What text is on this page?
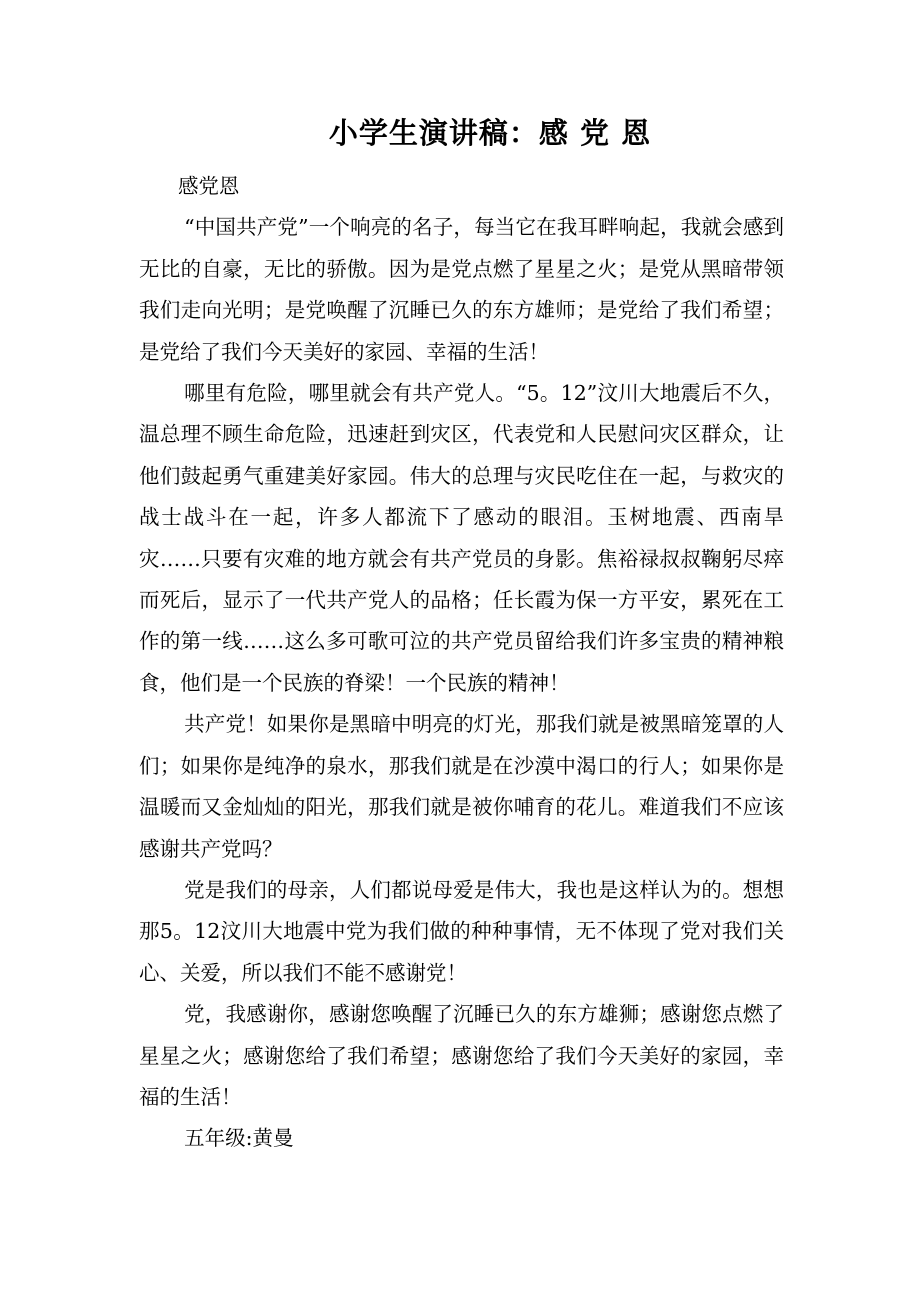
小学生演讲稿：感 党 恩

感党恩

“中国共产党”一个响亮的名子，每当它在我耳畔响起，我就会感到无比的自豪，无比的骄傲。因为是党点燃了星星之火；是党从黑暗带领我们走向光明；是党唤醒了沉睡已久的东方雄师；是党给了我们希望；是党给了我们今天美好的家园、幸福的生活！

哪里有危险，哪里就会有共产党人。“5。12”汶川大地震后不久，温总理不顾生命危险，迅速赶到灾区，代表党和人民慰问灾区群众，让他们鼓起勇气重建美好家园。伟大的总理与灾民吃住在一起，与救灾的战士战斗在一起，许多人都流下了感动的眼泪。玉树地震、西南旱灾……只要有灾难的地方就会有共产党员的身影。焦裕禄叔叔鞠躬尽瘁而死后，显示了一代共产党人的品格；任长霞为保一方平安，累死在工作的第一线……这么多可歌可泣的共产党员留给我们许多宝贵的精神粮食，他们是一个民族的脊梁！一个民族的精神！

共产党！如果你是黑暗中明亮的灯光，那我们就是被黑暗笼罩的人们；如果你是纯净的泉水，那我们就是在沙漠中渴口的行人；如果你是温暖而又金灿灿的阳光，那我们就是被你哺育的花儿。难道我们不应该感谢共产党吗？

党是我们的母亲，人们都说母爱是伟大，我也是这样认为的。想想那5。12汶川大地震中党为我们做的种种事情，无不体现了党对我们关心、关爱，所以我们不能不感谢党！

党，我感谢你，感谢您唤醒了沉睡已久的东方雄狮；感谢您点燃了星星之火；感谢您给了我们希望；感谢您给了我们今天美好的家园，幸福的生活！

五年级:黄曼
